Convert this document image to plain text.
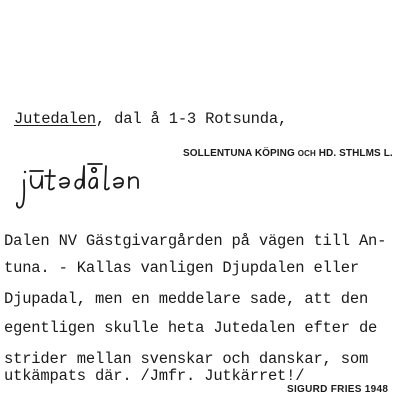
Jutedalen, dal å 1-3 Rotsunda,
SOLLENTUNA KÖPING OCH HD. STHLMS L.
Dalen NV Gästgivargården på vägen till An-
tuna. - Kallas vanligen Djupdalen eller
Djupadal, men en meddelare sade, att den
egentligen skulle heta Jutedalen efter de
strider mellan svenskar och danskar, som
utkämpats där. /Jmfr. Jutkärret!/
SIGURD FRIES 1948
